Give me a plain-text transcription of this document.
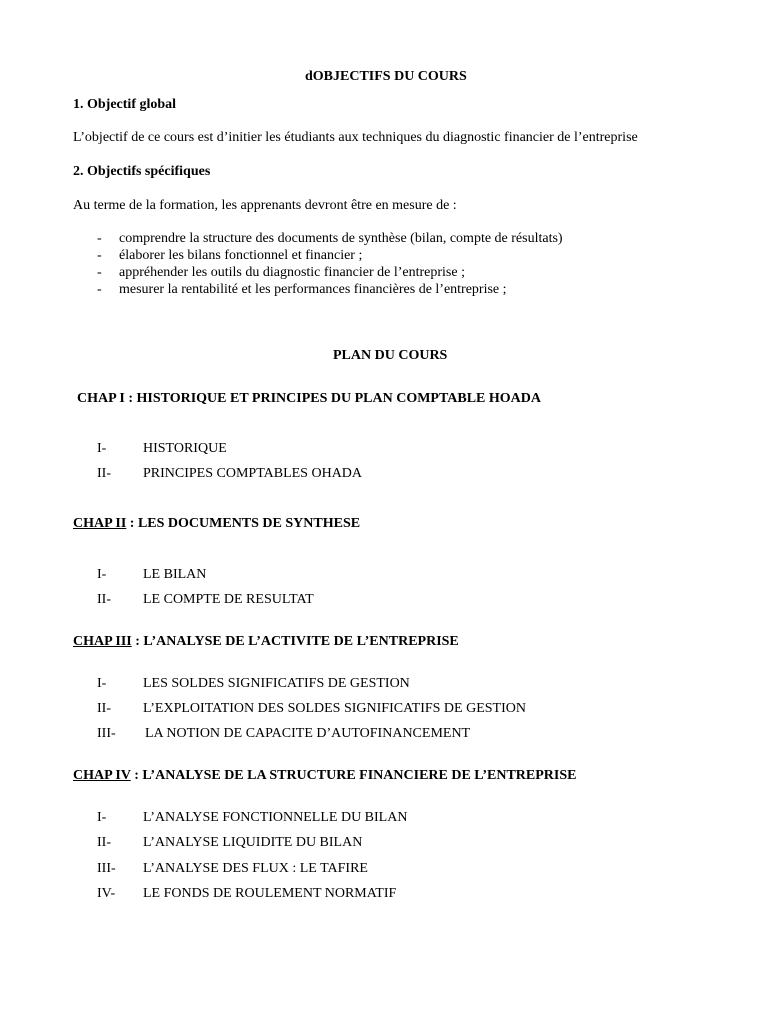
dOBJECTIFS DU COURS
1. Objectif global
L’objectif de ce cours est d’initier les étudiants aux techniques du diagnostic financier de l’entreprise
2. Objectifs spécifiques
Au terme de la formation, les apprenants devront être en mesure de :
- comprendre la structure des documents de synthèse (bilan, compte de résultats)
- élaborer les bilans fonctionnel et financier ;
- appréhender les outils du diagnostic financier de l’entreprise ;
- mesurer la rentabilité et les performances financières de l’entreprise ;
PLAN DU COURS
CHAP I : HISTORIQUE ET PRINCIPES DU PLAN COMPTABLE HOADA
I-	HISTORIQUE
II- PRINCIPES COMPTABLES OHADA
CHAP II : LES DOCUMENTS DE SYNTHESE
I-	LE BILAN
II- LE COMPTE DE RESULTAT
CHAP III : L’ANALYSE DE L’ACTIVITE DE L’ENTREPRISE
I-	LES SOLDES SIGNIFICATIFS DE GESTION
II- L’EXPLOITATION DES SOLDES SIGNIFICATIFS DE GESTION
III- LA NOTION DE CAPACITE D’AUTOFINANCEMENT
CHAP IV : L’ANALYSE DE LA STRUCTURE FINANCIERE DE L’ENTREPRISE
I-	L’ANALYSE FONCTIONNELLE DU BILAN
II- L’ANALYSE LIQUIDITE DU BILAN
III- L’ANALYSE DES FLUX : LE TAFIRE
IV- LE FONDS DE ROULEMENT NORMATIF
